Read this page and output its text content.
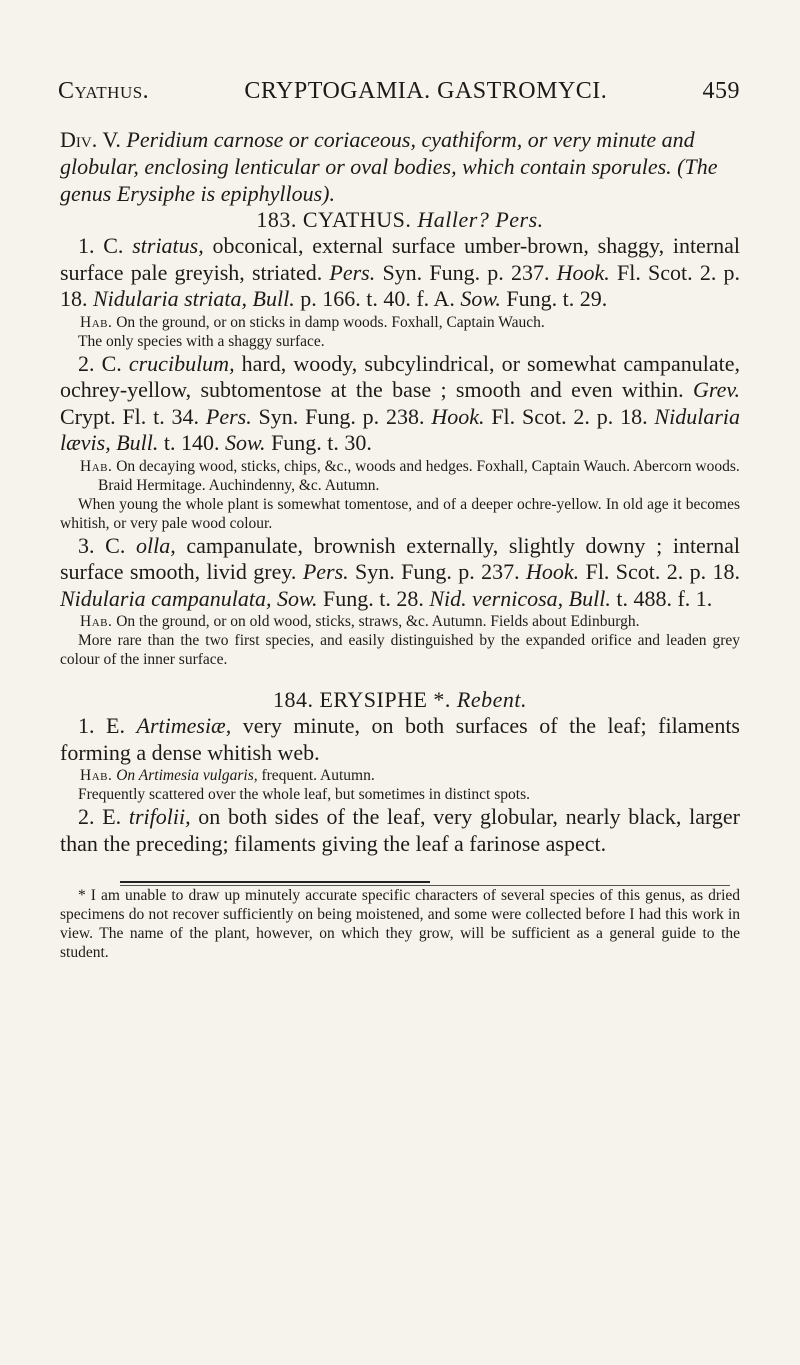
Cyathus.	CRYPTOGAMIA. GASTROMYCI.	459

Div. V. Peridium carnose or coriaceous, cyathiform, or very minute and globular, enclosing lenticular or oval bodies, which contain sporules. (The genus Erysiphe is epiphyllous).

183. CYATHUS. Haller? Pers.

1. C. striatus, obconical, external surface umber-brown, shaggy, internal surface pale greyish, striated. Pers. Syn. Fung. p. 237. Hook. Fl. Scot. 2. p. 18. Nidularia striata, Bull. p. 166. t. 40. f. A. Sow. Fung. t. 29.

Hab. On the ground, or on sticks in damp woods. Foxhall, Captain Wauch.

The only species with a shaggy surface.

2. C. crucibulum, hard, woody, subcylindrical, or somewhat campanulate, ochrey-yellow, subtomentose at the base ; smooth and even within. Grev. Crypt. Fl. t. 34. Pers. Syn. Fung. p. 238. Hook. Fl. Scot. 2. p. 18. Nidularia lævis, Bull. t. 140. Sow. Fung. t. 30.

Hab. On decaying wood, sticks, chips, &c., woods and hedges. Foxhall, Captain Wauch. Abercorn woods. Braid Hermitage. Auchindenny, &c. Autumn.

When young the whole plant is somewhat tomentose, and of a deeper ochre-yellow. In old age it becomes whitish, or very pale wood colour.

3. C. olla, campanulate, brownish externally, slightly downy ; internal surface smooth, livid grey. Pers. Syn. Fung. p. 237. Hook. Fl. Scot. 2. p. 18. Nidularia campanulata, Sow. Fung. t. 28. Nid. vernicosa, Bull. t. 488. f. 1.

Hab. On the ground, or on old wood, sticks, straws, &c. Autumn. Fields about Edinburgh.

More rare than the two first species, and easily distinguished by the expanded orifice and leaden grey colour of the inner surface.

184. ERYSIPHE *. Rebent.

1. E. Artimesiæ, very minute, on both surfaces of the leaf; filaments forming a dense whitish web.

Hab. On Artimesia vulgaris, frequent. Autumn.

Frequently scattered over the whole leaf, but sometimes in distinct spots.

2. E. trifolii, on both sides of the leaf, very globular, nearly black, larger than the preceding; filaments giving the leaf a farinose aspect.

* I am unable to draw up minutely accurate specific characters of several species of this genus, as dried specimens do not recover sufficiently on being moistened, and some were collected before I had this work in view. The name of the plant, however, on which they grow, will be sufficient as a general guide to the student.
